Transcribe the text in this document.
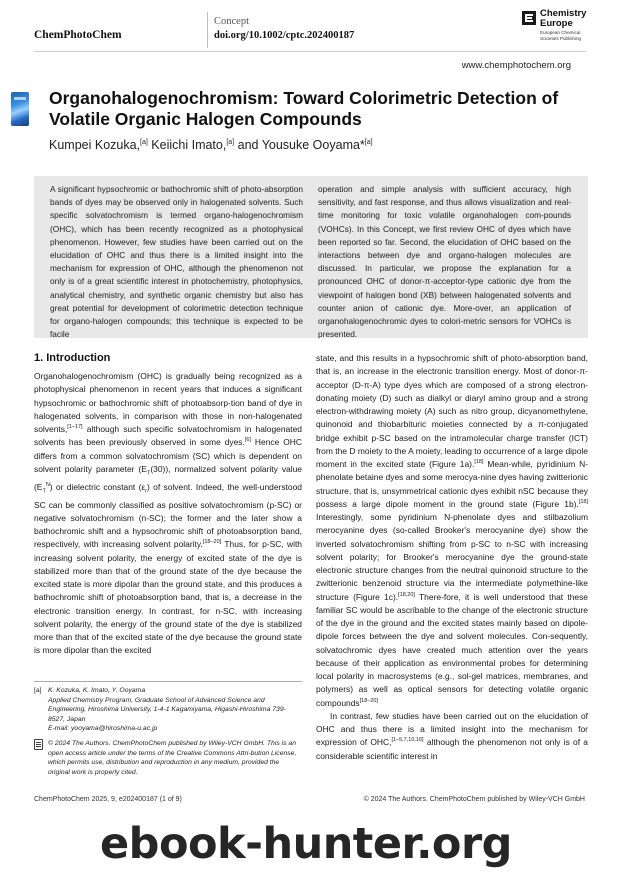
ChemPhotoChem
Concept
doi.org/10.1002/cptc.202400187
Chemistry
Europe
European Chemical Societies Publishing
www.chemphotochem.org
Organohalogenochromism: Toward Colorimetric Detection of Volatile Organic Halogen Compounds
Kumpei Kozuka,[a] Keiichi Imato,[a] and Yousuke Ooyama*[a]
A significant hypsochromic or bathochromic shift of photo-absorption bands of dyes may be observed only in halogenated solvents. Such specific solvatochromism is termed organo-halogenochromism (OHC), which has been recently recognized as a photophysical phenomenon. However, few studies have been carried out on the elucidation of OHC and thus there is a limited insight into the mechanism for expression of OHC, although the phenomenon not only is of a great scientific interest in photochemistry, photophysics, analytical chemistry, and synthetic organic chemistry but also has great potential for development of colorimetric detection technique for organo-halogen compounds; this technique is expected to be facile
operation and simple analysis with sufficient accuracy, high sensitivity, and fast response, and thus allows visualization and real-time monitoring for toxic volatile organohalogen com-pounds (VOHCs). In this Concept, we first review OHC of dyes which have been reported so far. Second, the elucidation of OHC based on the interactions between dye and organo-halogen molecules are discussed. In particular, we propose the explanation for a pronounced OHC of donor-π-acceptor-type cationic dye from the viewpoint of halogen bond (XB) between halogenated solvents and counter anion of cationic dye. More-over, an application of organohalogenochromic dyes to colori-metric sensors for VOHCs is presented.
1. Introduction

Organohalogenochromism (OHC) is gradually being recognized as a photophysical phenomenon in recent years that induces a significant hypsochromic or bathochromic shift of photoabsorp-tion band of dye in halogenated solvents, in comparison with those in non-halogenated solvents,[1–17] although such specific solvatochromism in halogenated solvents has been previously observed in some dyes.[6] Hence OHC differs from a common solvatochromism (SC) which is dependent on solvent polarity parameter $(E_T(30))$, normalized solvent polarity value $(E_T^N)$ or dielectric constant $(\varepsilon_r)$ of solvent. Indeed, the well-understood SC can be commonly classified as positive solvatochromism (p-SC) or negative solvatochromism (n-SC); the former and the later show a bathochromic shift and a hypsochromic shift of photoabsorption band, respectively, with increasing solvent polarity.[18–20] Thus, for p-SC, with increasing solvent polarity, the energy of excited state of the dye is stabilized more than that of the ground state of the dye because the excited state is more dipolar than the ground state, and this produces a bathochromic shift of photoabsorption band, that is, a decrease in the electronic transition energy. In contrast, for n-SC, with increasing solvent polarity, the energy of the ground state of the dye is stabilized more than that of the excited state of the dye because the ground state is more dipolar than the excited

state, and this results in a hypsochromic shift of photo-absorption band, that is, an increase in the electronic transition energy. Most of donor-π-acceptor (D-π-A) type dyes which are composed of a strong electron-donating moiety (D) such as dialkyl or diaryl amino group and a strong electron-withdrawing moiety (A) such as nitro group, dicyanomethylene, quinonoid and thiobarbituric moieties connected by a π-conjugated bridge exhibit p-SC based on the intramolecular charge transfer (ICT) from the D moiety to the A moiety, leading to occurrence of a large dipole moment in the excited state (Figure 1a).[18] Mean-while, pyridinium N-phenolate betaine dyes and some merocya-nine dyes having zwitterionic structure, that is, unsymmetrical cationic dyes exhibit nSC because they possess a large dipole moment in the ground state (Figure 1b).[18] Interestingly, some pyridinium N-phenolate dyes and stilbazolium merocyanine dyes (so-called Brooker's merocyanine dye) show the inverted solvatochromism shifting from p-SC to n-SC with increasing solvent polarity; for Brooker's merocyanine dye the ground-state electronic structure changes from the neutral quinonoid structure to the zwitterionic benzenoid structure via the intermediate polymethine-like structure (Figure 1c).[18,20] There-fore, it is well understood that these familiar SC would be ascribable to the change of the electronic structure of the dye in the ground and the excited states mainly based on dipole-dipole forces between the dye and solvent molecules. Con-sequently, solvatochromic dyes have created much attention over the years because of their application as environmental probes for determining local polarity in macrosystems (e.g., sol-gel matrices, membranes, and polymers) as well as optical sensors for detecting volatile organic compounds[18–20]

In contrast, few studies have been carried out on the elucidation of OHC and thus there is a limited insight into the mechanism for expression of OHC,[1–5,7,10,16] although the phenomenon not only is of a considerable scientific interest in

[a] K. Kozuka, K. Imato, Y. Ooyama
Applied Chemistry Program, Graduate School of Advanced Science and Engineering, Hiroshima University, 1-4-1 Kagamiyama, Higashi-Hiroshima 739-8527, Japan
E-mail: yooyama@hiroshima-u.ac.jp
© 2024 The Authors. ChemPhotoChem published by Wiley-VCH GmbH. This is an open access article under the terms of the Creative Commons Attri-bution License, which permits use, distribution and reproduction in any medium, provided the original work is properly cited.
ChemPhotoChem 2025, 9, e202400187 (1 of 9)	© 2024 The Authors. ChemPhotoChem published by Wiley-VCH GmbH
ebook-hunter.org
